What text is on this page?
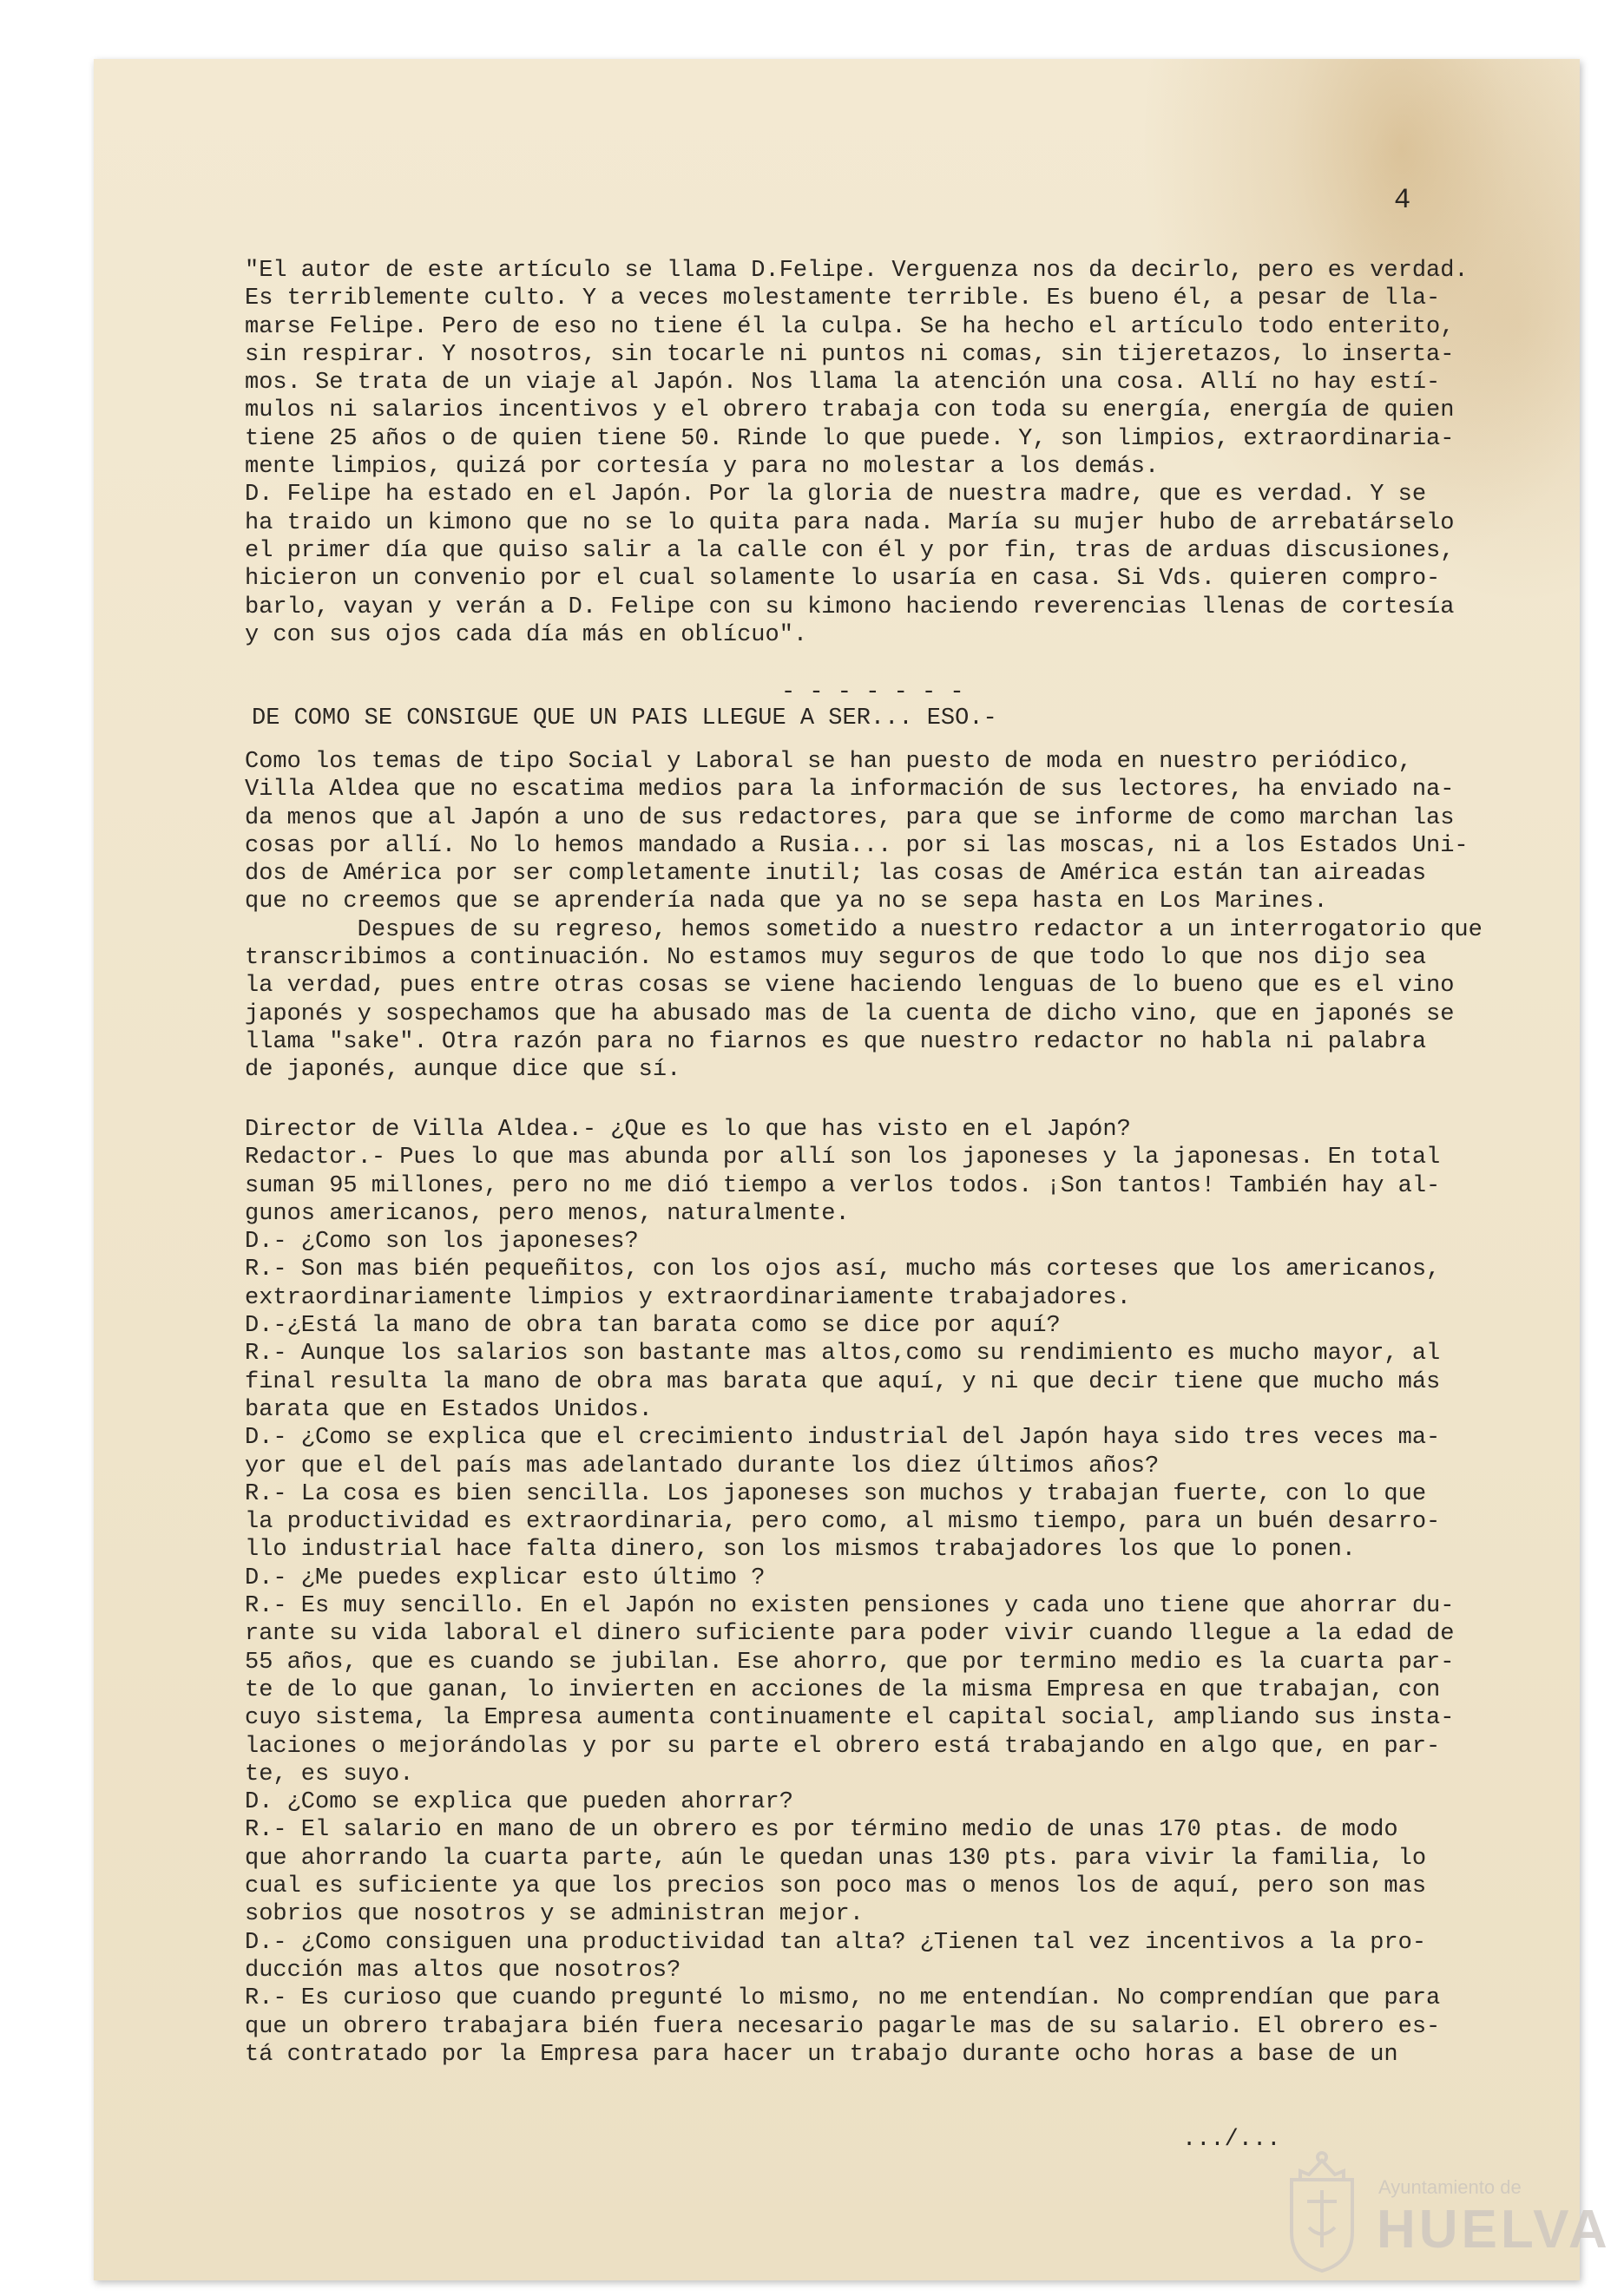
4
"El autor de este artículo se llama D.Felipe. Verguenza nos da decirlo, pero es verdad.
Es terriblemente culto. Y a veces molestamente terrible. Es bueno él, a pesar de lla-
marse Felipe. Pero de eso no tiene él la culpa. Se ha hecho el artículo todo enterito,
sin respirar. Y nosotros, sin tocarle ni puntos ni comas, sin tijeretazos, lo inserta-
mos. Se trata de un viaje al Japón. Nos llama la atención una cosa. Allí no hay estí-
mulos ni salarios incentivos y el obrero trabaja con toda su energía, energía de quien
tiene 25 años o de quien tiene 50. Rinde lo que puede. Y, son limpios, extraordinaria-
mente limpios, quizá por cortesía y para no molestar a los demás.
D. Felipe ha estado en el Japón. Por la gloria de nuestra madre, que es verdad. Y se
ha traido un kimono que no se lo quita para nada. María su mujer hubo de arrebatárselo
el primer día que quiso salir a la calle con él y por fin, tras de arduas discusiones,
hicieron un convenio por el cual solamente lo usaría en casa. Si Vds. quieren compro-
barlo, vayan y verán a D. Felipe con su kimono haciendo reverencias llenas de cortesía
y con sus ojos cada día más en oblícuo".
- - - - - - -
DE COMO SE CONSIGUE QUE UN PAIS LLEGUE A SER... ESO.-
Como los temas de tipo Social y Laboral se han puesto de moda en nuestro periódico,
Villa Aldea que no escatima medios para la información de sus lectores, ha enviado na-
da menos que al Japón a uno de sus redactores, para que se informe de como marchan las
cosas por allí. No lo hemos mandado a Rusia... por si las moscas, ni a los Estados Uni-
dos de América por ser completamente inutil; las cosas de América están tan aireadas
que no creemos que se aprendería nada que ya no se sepa hasta en Los Marines.
Despues de su regreso, hemos sometido a nuestro redactor a un interrogatorio que
transcribimos a continuación. No estamos muy seguros de que todo lo que nos dijo sea
la verdad, pues entre otras cosas se viene haciendo lenguas de lo bueno que es el vino
japonés y sospechamos que ha abusado mas de la cuenta de dicho vino, que en japonés se
llama "sake". Otra razón para no fiarnos es que nuestro redactor no habla ni palabra
de japonés, aunque dice que sí.
Director de Villa Aldea.- ¿Que es lo que has visto en el Japón?
Redactor.- Pues lo que mas abunda por allí son los japoneses y la japonesas. En total
suman 95 millones, pero no me dió tiempo a verlos todos. ¡Son tantos! También hay al-
gunos americanos, pero menos, naturalmente.
D.- ¿Como son los japoneses?
R.- Son mas bién pequeñitos, con los ojos así, mucho más corteses que los americanos,
extraordinariamente limpios y extraordinariamente trabajadores.
D.-¿Está la mano de obra tan barata como se dice por aquí?
R.- Aunque los salarios son bastante mas altos,como su rendimiento es mucho mayor, al
final resulta la mano de obra mas barata que aquí, y ni que decir tiene que mucho más
barata que en Estados Unidos.
D.- ¿Como se explica que el crecimiento industrial del Japón haya sido tres veces ma-
yor que el del país mas adelantado durante los diez últimos años?
R.- La cosa es bien sencilla. Los japoneses son muchos y trabajan fuerte, con lo que
la productividad es extraordinaria, pero como, al mismo tiempo, para un buén desarro-
llo industrial hace falta dinero, son los mismos trabajadores los que lo ponen.
D.- ¿Me puedes explicar esto último ?
R.- Es muy sencillo. En el Japón no existen pensiones y cada uno tiene que ahorrar du-
rante su vida laboral el dinero suficiente para poder vivir cuando llegue a la edad de
55 años, que es cuando se jubilan. Ese ahorro, que por termino medio es la cuarta par-
te de lo que ganan, lo invierten en acciones de la misma Empresa en que trabajan, con
cuyo sistema, la Empresa aumenta continuamente el capital social, ampliando sus insta-
laciones o mejorándolas y por su parte el obrero está trabajando en algo que, en par-
te, es suyo.
D. ¿Como se explica que pueden ahorrar?
R.- El salario en mano de un obrero es por término medio de unas 170 ptas. de modo
que ahorrando la cuarta parte, aún le quedan unas 130 pts. para vivir la familia, lo
cual es suficiente ya que los precios son poco mas o menos los de aquí, pero son mas
sobrios que nosotros y se administran mejor.
D.- ¿Como consiguen una productividad tan alta? ¿Tienen tal vez incentivos a la pro-
ducción mas altos que nosotros?
R.- Es curioso que cuando pregunté lo mismo, no me entendían. No comprendían que para
que un obrero trabajara bién fuera necesario pagarle mas de su salario. El obrero es-
tá contratado por la Empresa para hacer un trabajo durante ocho horas a base de un
.../...
Ayuntamiento de
HUELVA
